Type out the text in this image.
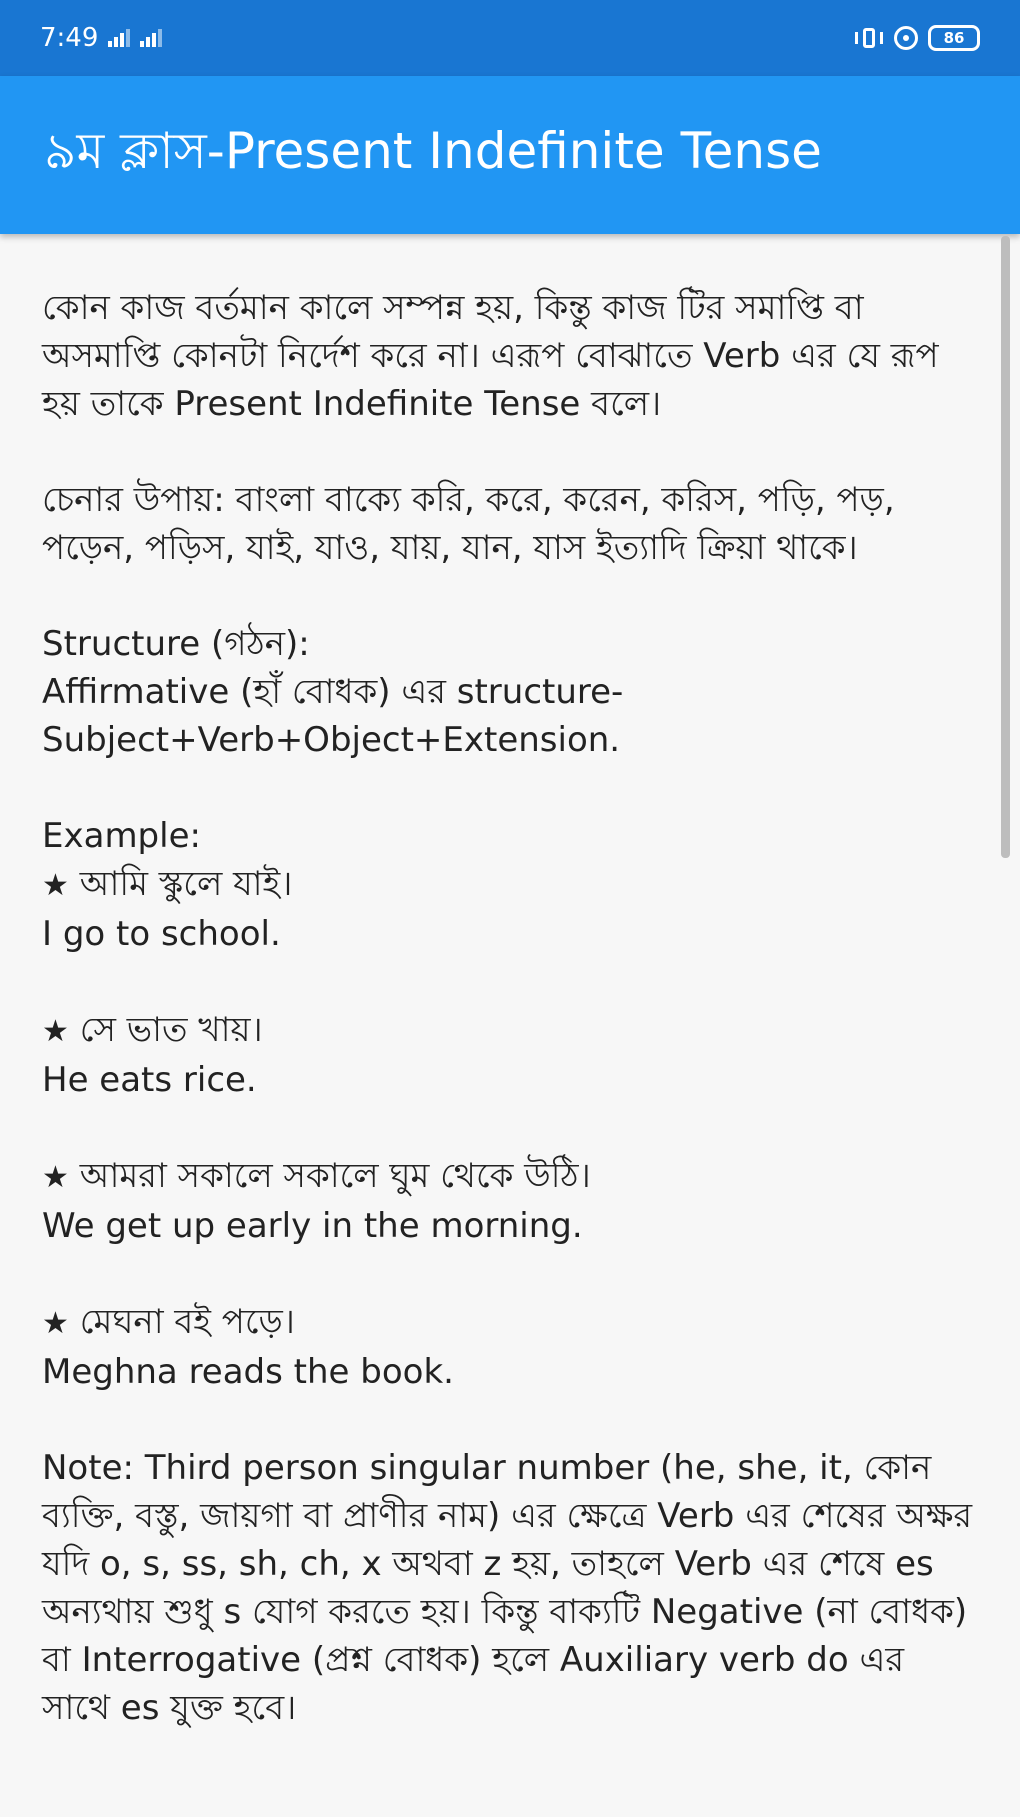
7:49	86
৯ম ক্লাস-Present Indefinite Tense

কোন কাজ বর্তমান কালে সম্পন্ন হয়, কিন্তু কাজ টির সমাপ্তি বা অসমাপ্তি কোনটা নির্দেশ করে না। এরূপ বোঝাতে Verb এর যে রূপ হয় তাকে Present Indefinite Tense বলে।

চেনার উপায়: বাংলা বাক্যে করি, করে, করেন, করিস, পড়ি, পড়, পড়েন, পড়িস, যাই, যাও, যায়, যান, যাস ইত্যাদি ক্রিয়া থাকে।

Structure (গঠন):
Affirmative (হাঁ বোধক) এর structure-
Subject+Verb+Object+Extension.

Example:
★ আমি স্কুলে যাই।
I go to school.

★ সে ভাত খায়।
He eats rice.

★ আমরা সকালে সকালে ঘুম থেকে উঠি।
We get up early in the morning.

★ মেঘনা বই পড়ে।
Meghna reads the book.

Note: Third person singular number (he, she, it, কোন ব্যক্তি, বস্তু, জায়গা বা প্রাণীর নাম) এর ক্ষেত্রে Verb এর শেষের অক্ষর যদি o, s, ss, sh, ch, x অথবা z হয়, তাহলে Verb এর শেষে es অন্যথায় শুধু s যোগ করতে হয়। কিন্তু বাক্যটি Negative (না বোধক) বা Interrogative (প্রশ্ন বোধক) হলে Auxiliary verb do এর সাথে es যুক্ত হবে।
